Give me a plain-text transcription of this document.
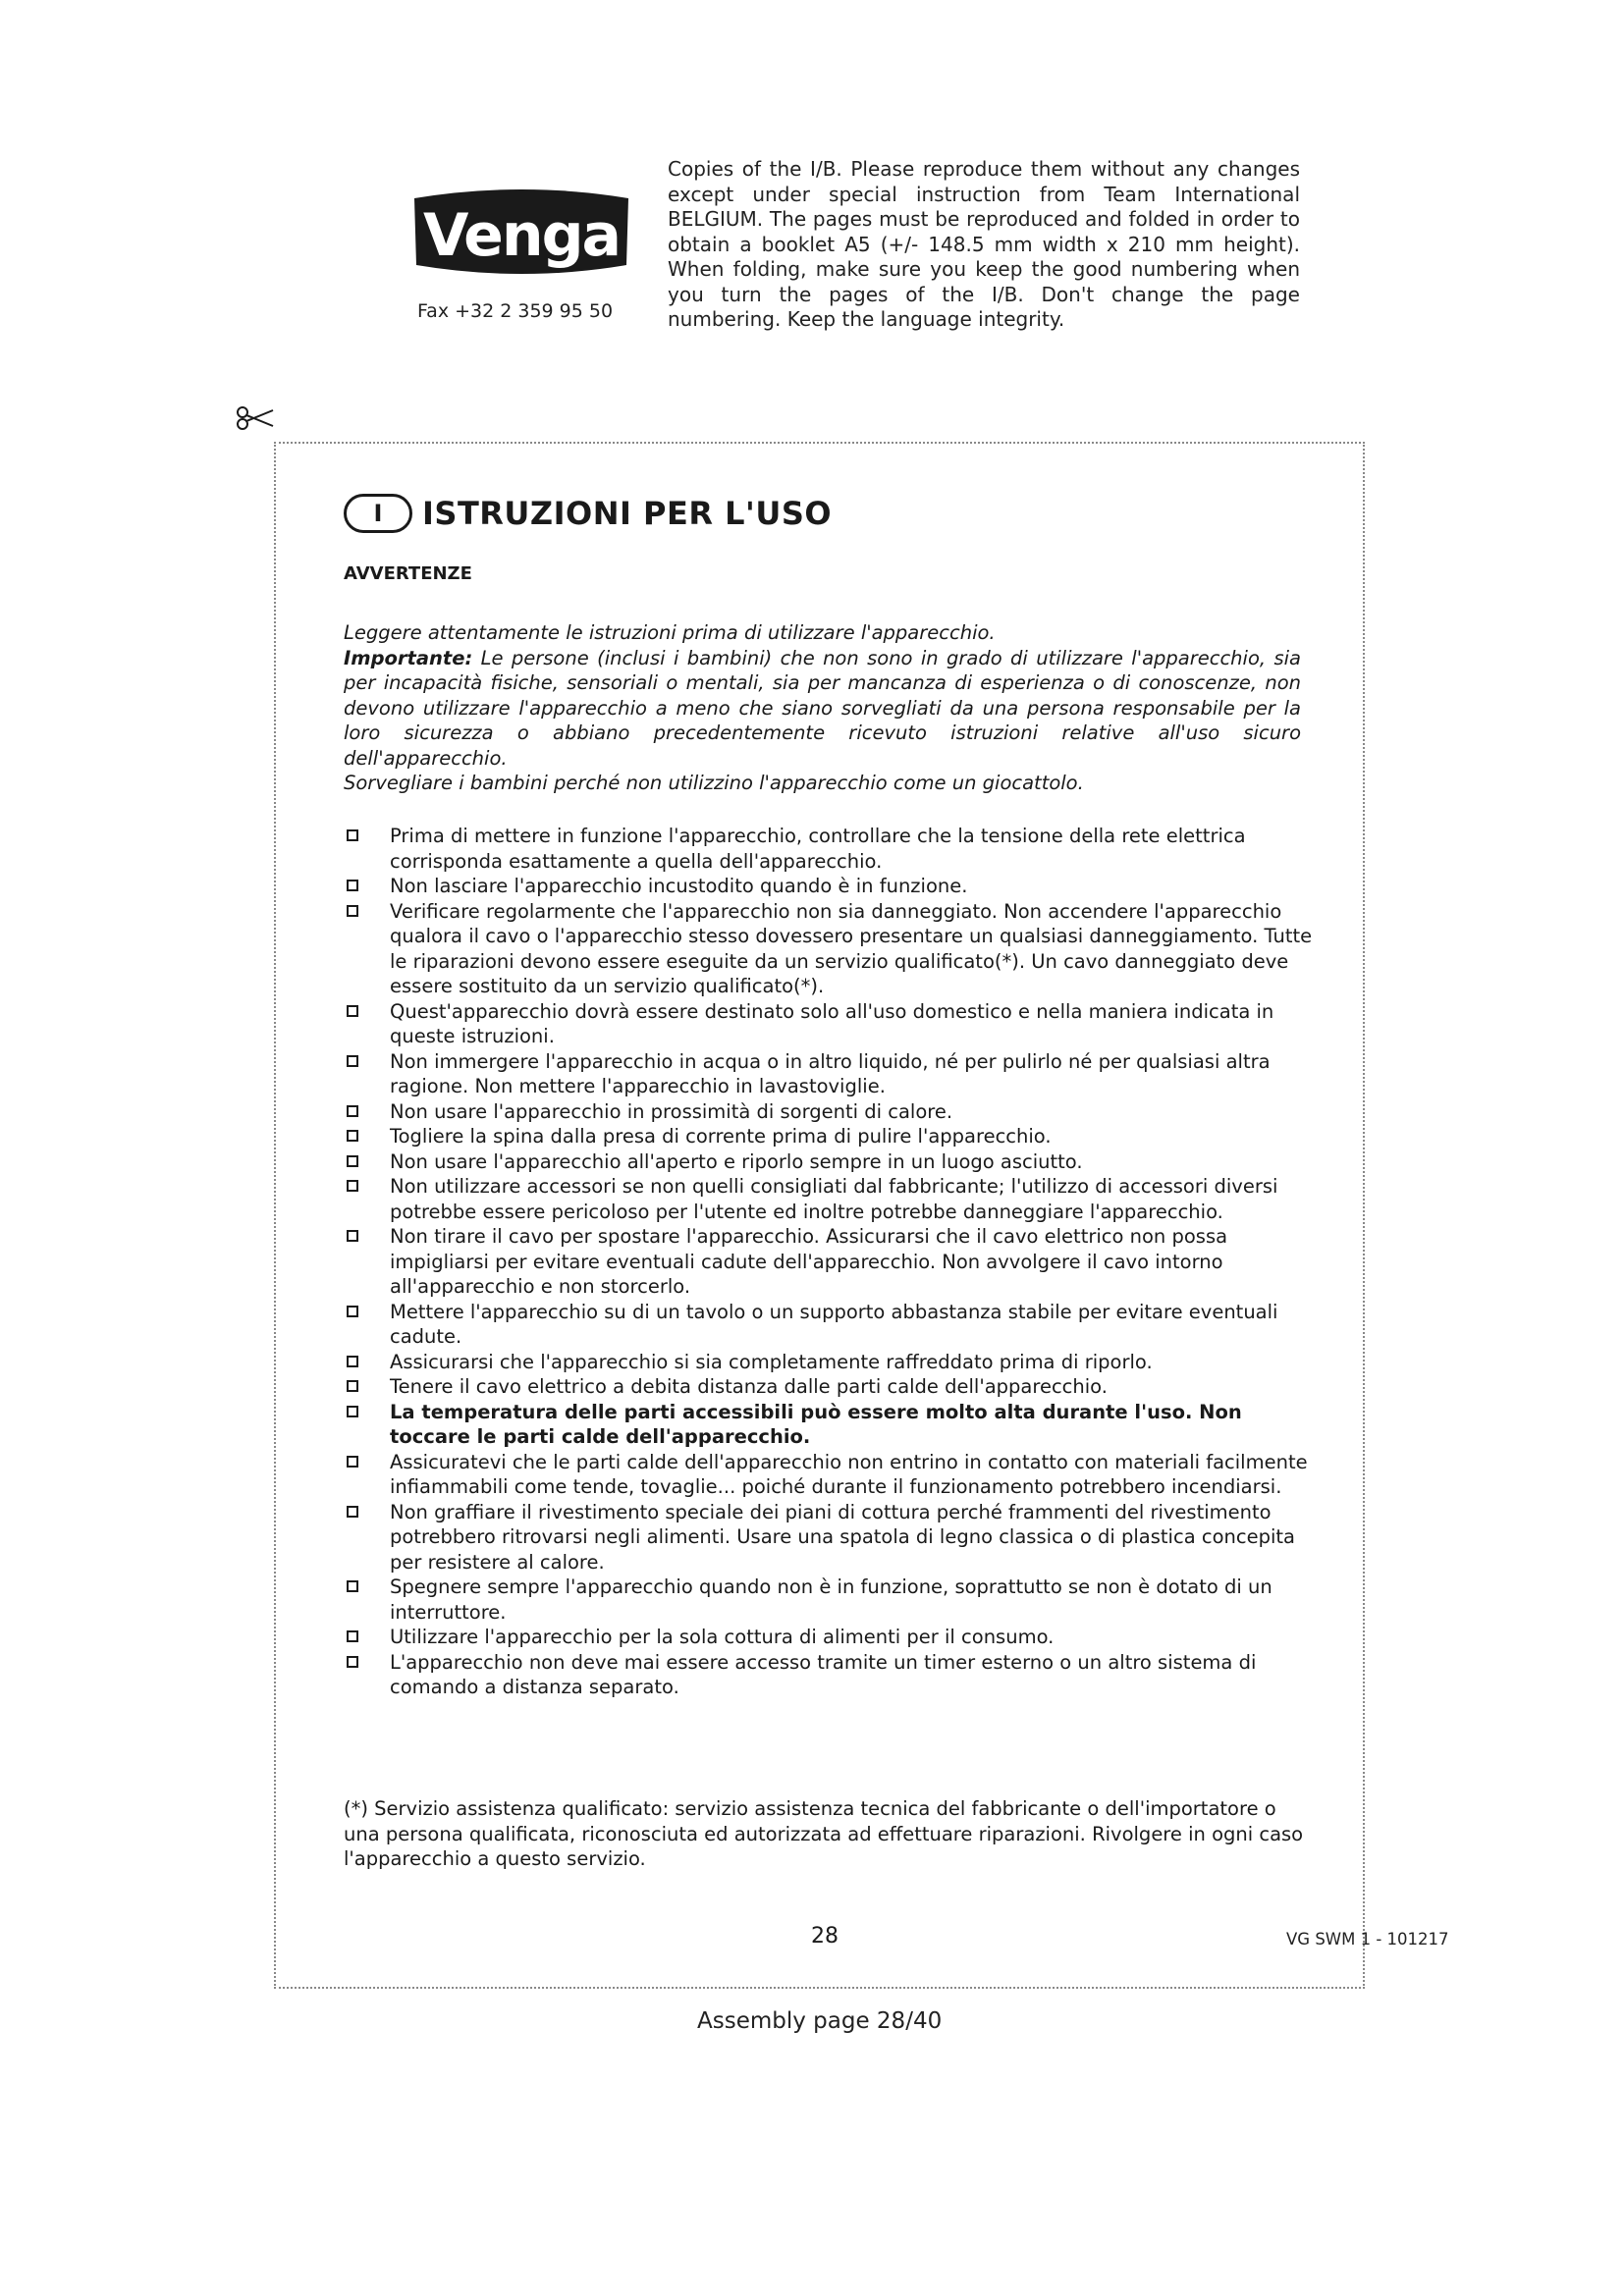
Venga
Fax +32 2 359 95 50
Copies of the I/B. Please reproduce them without any changes except under special instruction from Team International BELGIUM. The pages must be reproduced and folded in order to obtain a booklet A5 (+/- 148.5 mm width x 210 mm height). When folding, make sure you keep the good numbering when you turn the pages of the I/B. Don't change the page numbering. Keep the language integrity.
I	ISTRUZIONI PER L'USO
AVVERTENZE

Leggere attentamente le istruzioni prima di utilizzare l'apparecchio.

Importante: Le persone (inclusi i bambini) che non sono in grado di utilizzare l'apparecchio, sia per incapacità fisiche, sensoriali o mentali, sia per mancanza di esperienza o di conoscenze, non devono utilizzare l'apparecchio a meno che siano sorvegliati da una persona responsabile per la loro sicurezza o abbiano precedentemente ricevuto istruzioni relative all'uso sicuro dell'apparecchio.

Sorvegliare i bambini perché non utilizzino l'apparecchio come un giocattolo.

Prima di mettere in funzione l'apparecchio, controllare che la tensione della rete elettrica corrisponda esattamente a quella dell'apparecchio.
Non lasciare l'apparecchio incustodito quando è in funzione.
Verificare regolarmente che l'apparecchio non sia danneggiato. Non accendere l'apparecchio qualora il cavo o l'apparecchio stesso dovessero presentare un qualsiasi danneggiamento. Tutte le riparazioni devono essere eseguite da un servizio qualificato(*). Un cavo danneggiato deve essere sostituito da un servizio qualificato(*).
Quest'apparecchio dovrà essere destinato solo all'uso domestico e nella maniera indicata in queste istruzioni.
Non immergere l'apparecchio in acqua o in altro liquido, né per pulirlo né per qualsiasi altra ragione. Non mettere l'apparecchio in lavastoviglie.
Non usare l'apparecchio in prossimità di sorgenti di calore.
Togliere la spina dalla presa di corrente prima di pulire l'apparecchio.
Non usare l'apparecchio all'aperto e riporlo sempre in un luogo asciutto.
Non utilizzare accessori se non quelli consigliati dal fabbricante; l'utilizzo di accessori diversi potrebbe essere pericoloso per l'utente ed inoltre potrebbe danneggiare l'apparecchio.
Non tirare il cavo per spostare l'apparecchio. Assicurarsi che il cavo elettrico non possa impigliarsi per evitare eventuali cadute dell'apparecchio. Non avvolgere il cavo intorno all'apparecchio e non storcerlo.
Mettere l'apparecchio su di un tavolo o un supporto abbastanza stabile per evitare eventuali cadute.
Assicurarsi che l'apparecchio si sia completamente raffreddato prima di riporlo.
Tenere il cavo elettrico a debita distanza dalle parti calde dell'apparecchio.
La temperatura delle parti accessibili può essere molto alta durante l'uso. Non toccare le parti calde dell'apparecchio.
Assicuratevi che le parti calde dell'apparecchio non entrino in contatto con materiali facilmente infiammabili come tende, tovaglie... poiché durante il funzionamento potrebbero incendiarsi.
Non graffiare il rivestimento speciale dei piani di cottura perché frammenti del rivestimento potrebbero ritrovarsi negli alimenti. Usare una spatola di legno classica o di plastica concepita per resistere al calore.
Spegnere sempre l'apparecchio quando non è in funzione, soprattutto se non è dotato di un interruttore.
Utilizzare l'apparecchio per la sola cottura di alimenti per il consumo.
L'apparecchio non deve mai essere accesso tramite un timer esterno o un altro sistema di comando a distanza separato.
(*) Servizio assistenza qualificato: servizio assistenza tecnica del fabbricante o dell'importatore o una persona qualificata, riconosciuta ed autorizzata ad effettuare riparazioni. Rivolgere in ogni caso l'apparecchio a questo servizio.
28	VG SWM 1 - 101217
Assembly page 28/40
